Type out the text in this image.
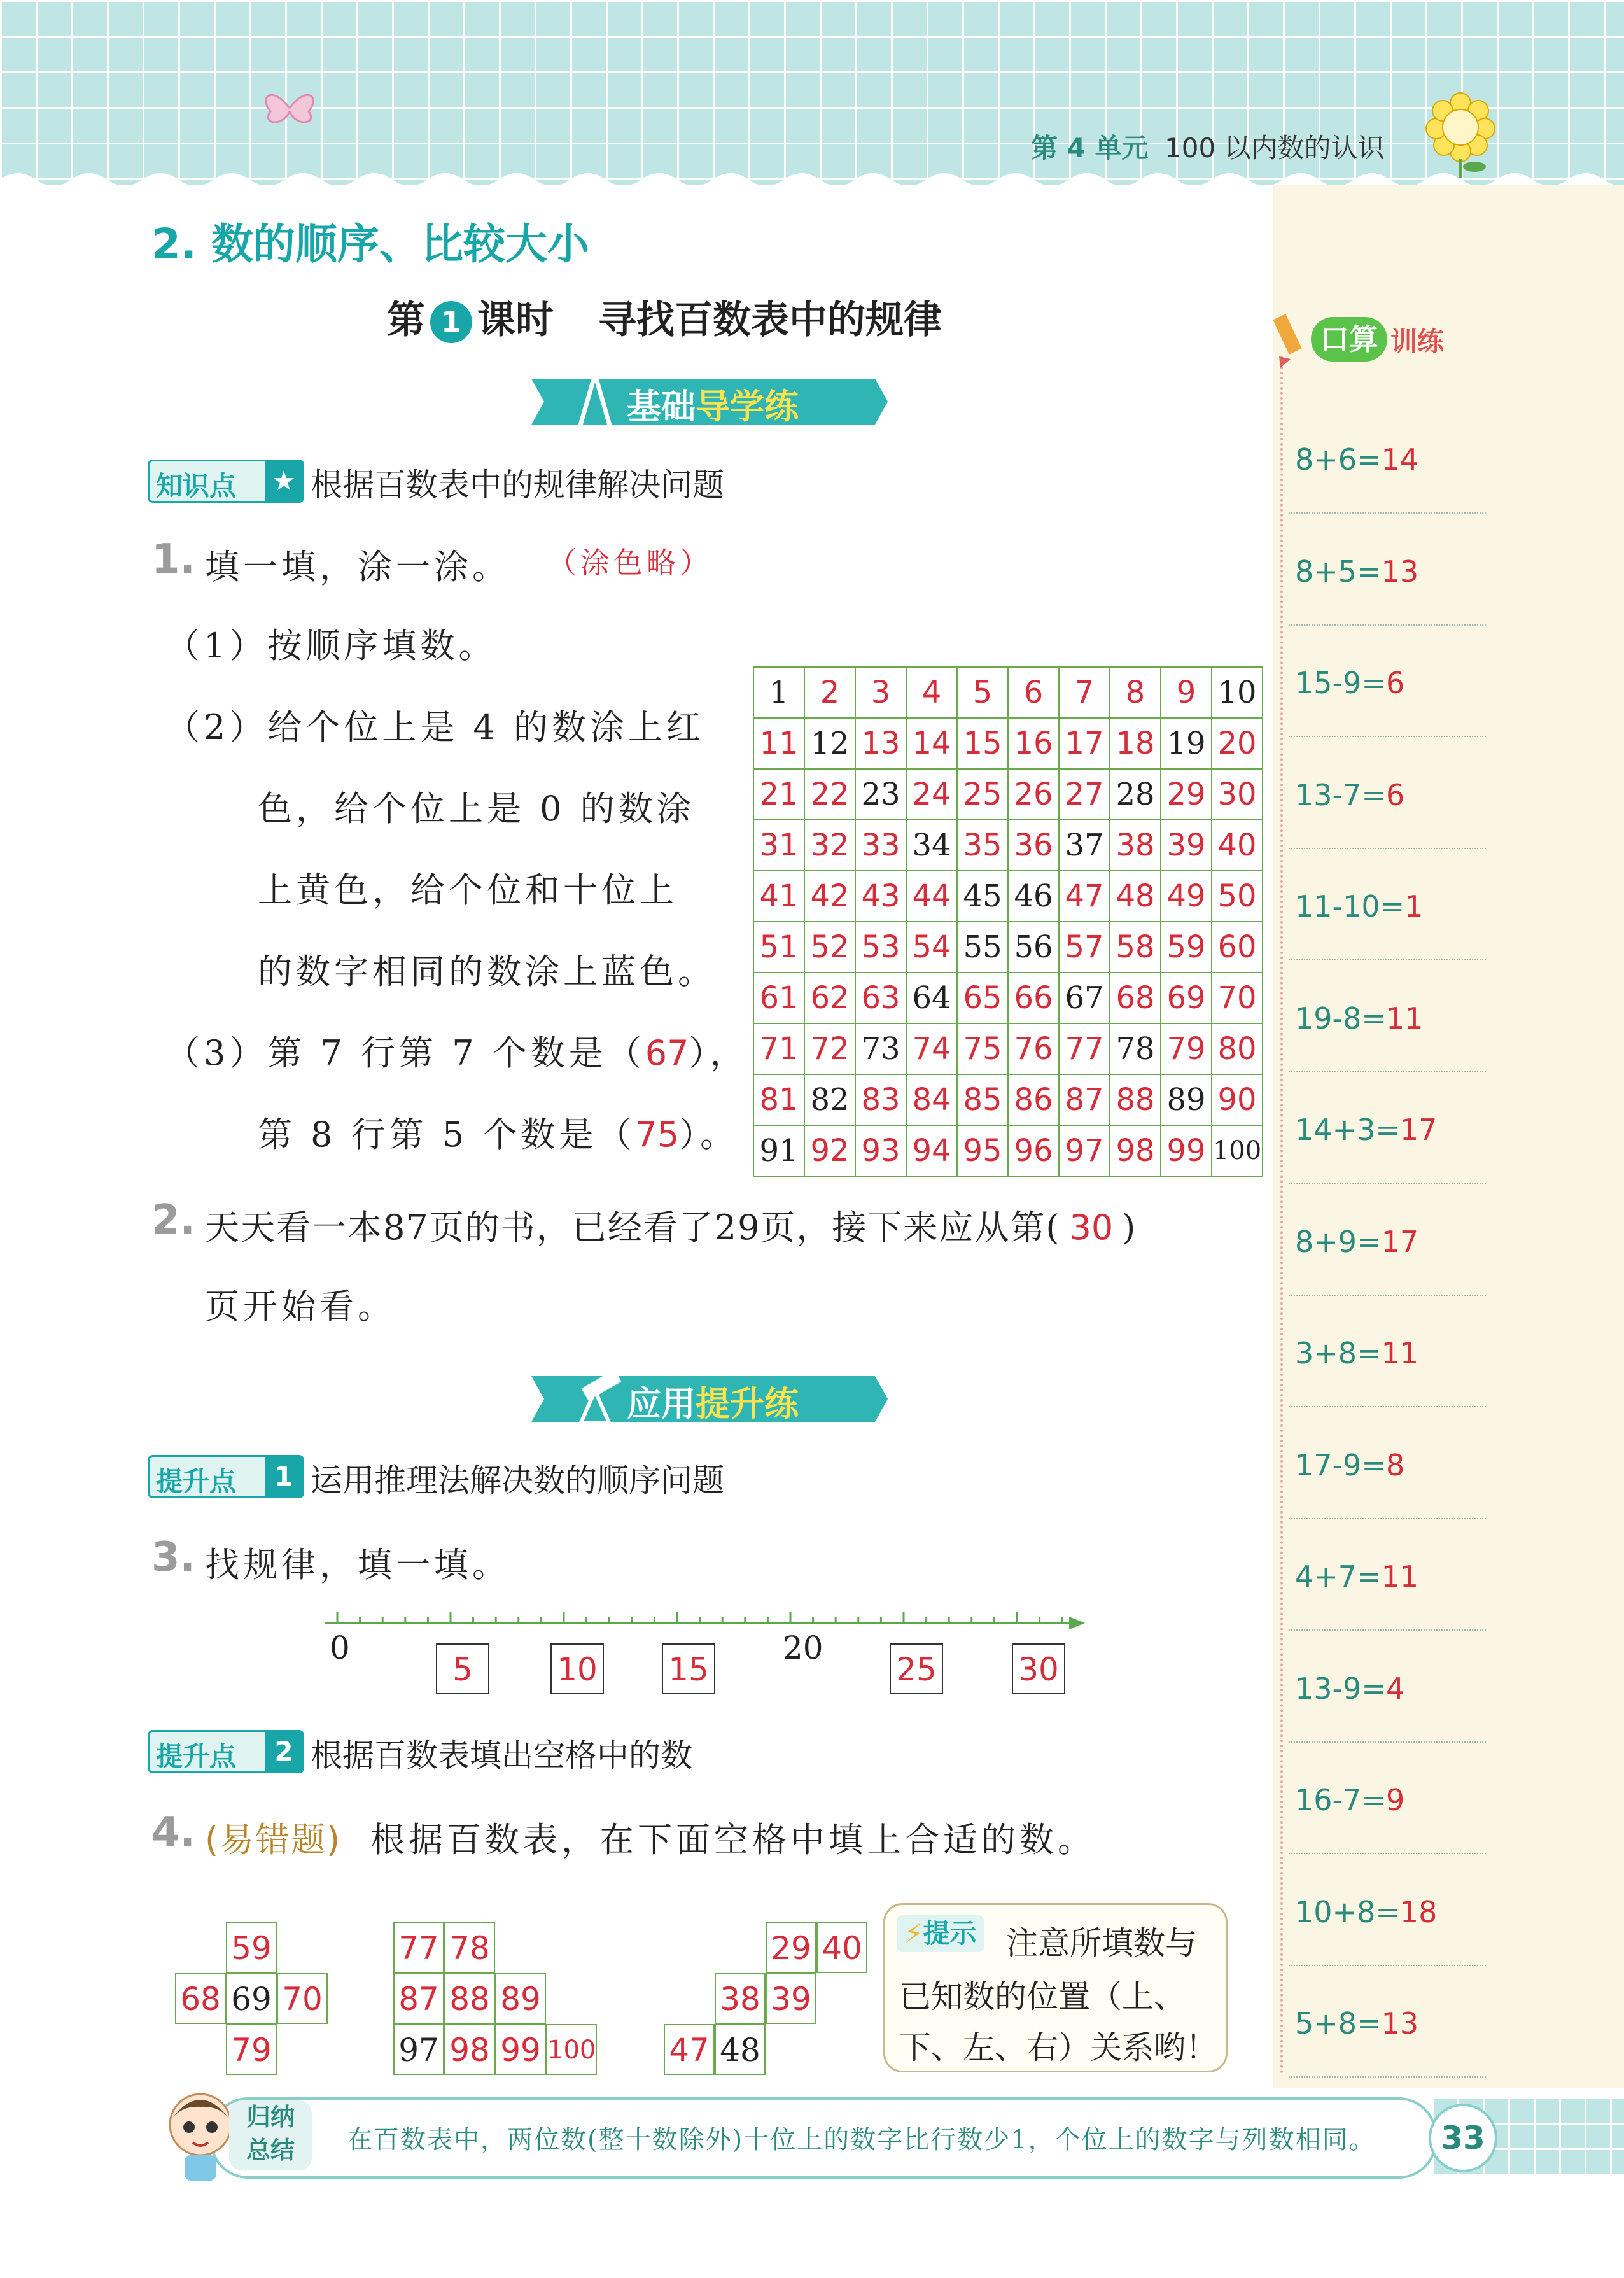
第 4 单元 100 以内数的认识
口算 训练
8+6=14
8+5=13
15-9=6
13-7=6
11-10=1
19-8=11
14+3=17
8+9=17
3+8=11
17-9=8
4+7=11
13-9=4
16-7=9
10+8=18
5+8=13
2. 数的顺序、比较大小
第 1 课时 寻找百数表中的规律
基础导学练
知识点 ★ 根据百数表中的规律解决问题
1. 填一填，涂一涂。 （涂色略）
（1）按顺序填数。
（2）给个位上是 4 的数涂上红
色，给个位上是 0 的数涂
上黄色，给个位和十位上
的数字相同的数涂上蓝色。
（3）第 7 行第 7 个数是（67），
第 8 行第 5 个数是（75）。
1	2	3	4	5	6	7	8	9	10
11	12	13	14	15	16	17	18	19	20
21	22	23	24	25	26	27	28	29	30
31	32	33	34	35	36	37	38	39	40
41	42	43	44	45	46	47	48	49	50
51	52	53	54	55	56	57	58	59	60
61	62	63	64	65	66	67	68	69	70
71	72	73	74	75	76	77	78	79	80
81	82	83	84	85	86	87	88	89	90
91	92	93	94	95	96	97	98	99	100
2. 天天看一本87页的书，已经看了29页，接下来应从第( 30 )
页开始看。
应用提升练
提升点	1 运用推理法解决数的顺序问题
3. 找规律，填一填。
0	20
5	10 15	25	30
提升点	2 根据百数表填出空格中的数
4. (易错题) 根据百数表，在下面空格中填上合适的数。
59
68 69 70
79
77 78
87 88 89
97 98 99 100
29 40
38 39
47 48
⚡提示 注意所填数与
已知数的位置（上、
下、左、右）关系哟！
归纳
总结	在百数表中，两位数(整十数除外)十位上的数字比行数少1，个位上的数字与列数相同。	33
